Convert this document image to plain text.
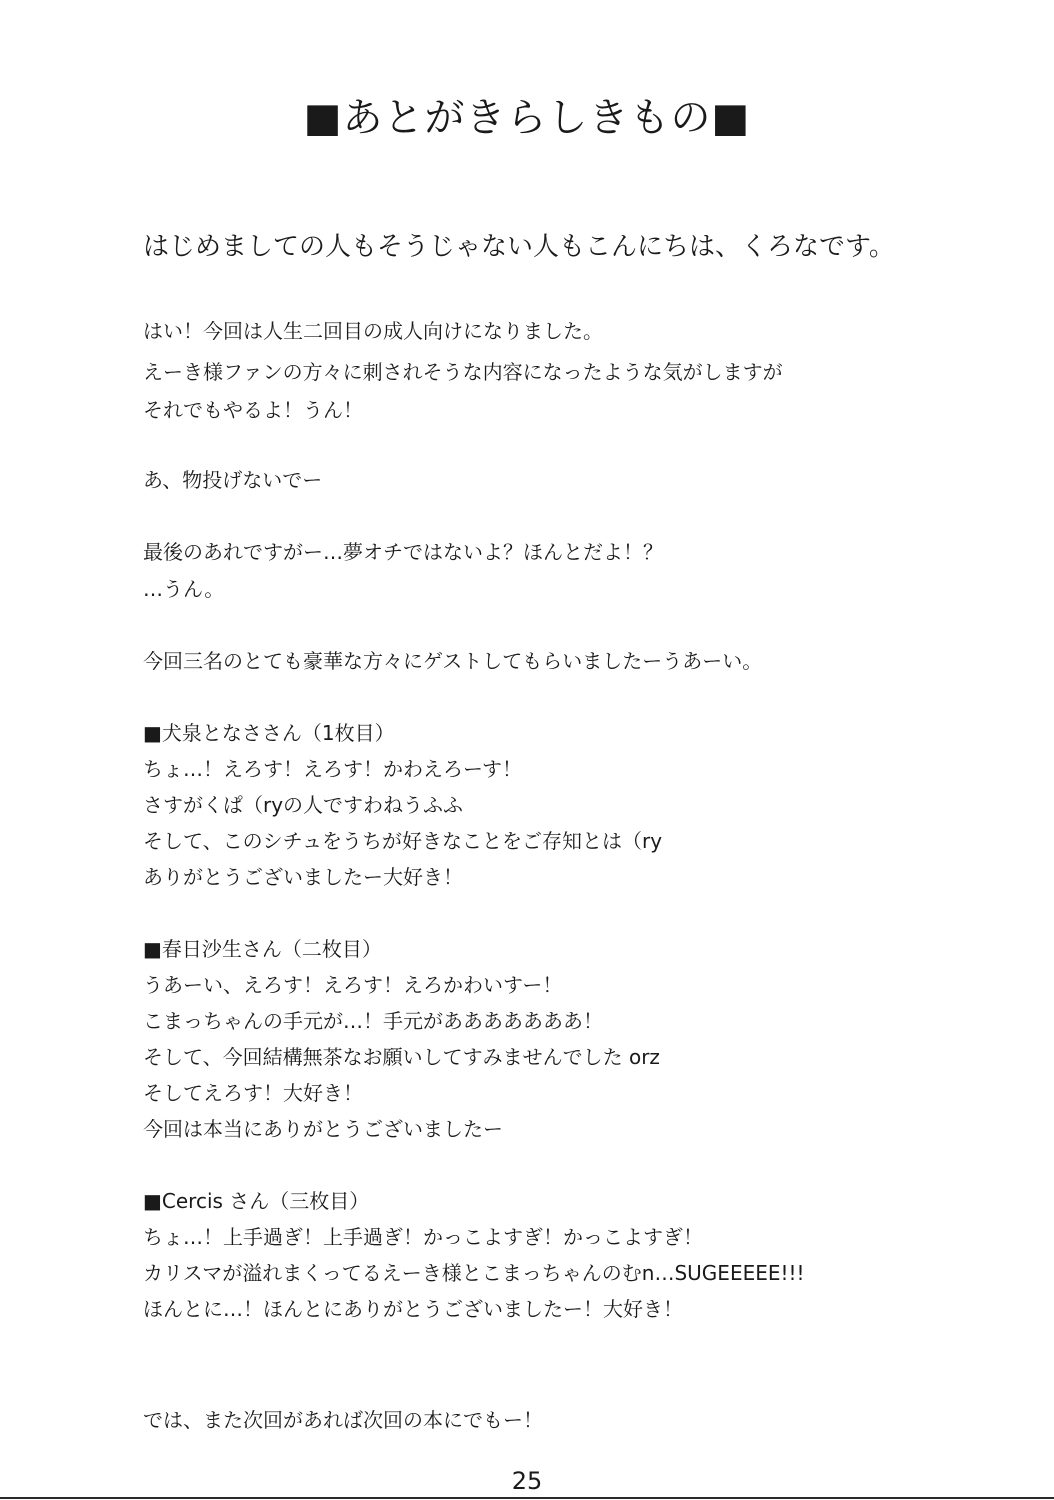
■あとがきらしきもの■
はじめましての人もそうじゃない人もこんにちは、くろなです。
はい！今回は人生二回目の成人向けになりました。
えーき様ファンの方々に刺されそうな内容になったような気がしますが
それでもやるよ！うん！
あ、物投げないでー
最後のあれですがー…夢オチではないよ？ほんとだよ！？
…うん。
今回三名のとても豪華な方々にゲストしてもらいましたーうあーい。
■犬泉となささん（1枚目）
ちょ…！えろす！えろす！かわえろーす！
さすがくぱ（ryの人ですわねうふふ
そして、このシチュをうちが好きなことをご存知とは（ry
ありがとうございましたー大好き！
■春日沙生さん（二枚目）
うあーい、えろす！えろす！えろかわいすー！
こまっちゃんの手元が…！手元があああああああ！
そして、今回結構無茶なお願いしてすみませんでした orz
そしてえろす！大好き！
今回は本当にありがとうございましたー
■Cercis さん（三枚目）
ちょ…！上手過ぎ！上手過ぎ！かっこよすぎ！かっこよすぎ！
カリスマが溢れまくってるえーき様とこまっちゃんのむn…SUGEEEEE!!!
ほんとに…！ほんとにありがとうございましたー！大好き！
では、また次回があれば次回の本にでもー！
25
